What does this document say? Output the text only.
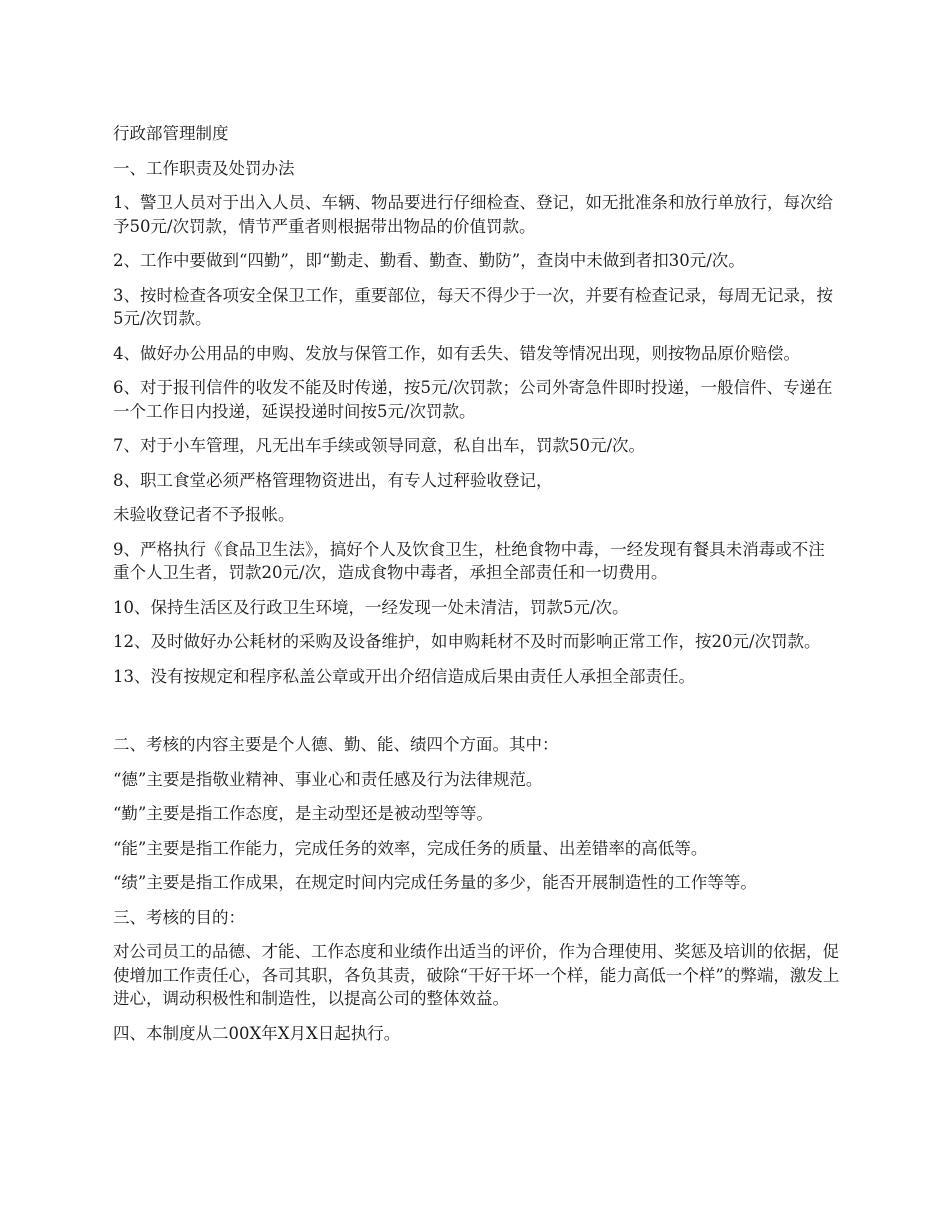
行政部管理制度

一、工作职责及处罚办法

1、警卫人员对于出入人员、车辆、物品要进行仔细检查、登记，如无批准条和放行单放行，每次给予50元/次罚款，情节严重者则根据带出物品的价值罚款。

2、工作中要做到“四勤”，即“勤走、勤看、勤查、勤防”，查岗中未做到者扣30元/次。

3、按时检查各项安全保卫工作，重要部位，每天不得少于一次，并要有检查记录，每周无记录，按5元/次罚款。

4、做好办公用品的申购、发放与保管工作，如有丢失、错发等情况出现，则按物品原价赔偿。

6、对于报刊信件的收发不能及时传递，按5元/次罚款；公司外寄急件即时投递，一般信件、专递在一个工作日内投递，延误投递时间按5元/次罚款。

7、对于小车管理，凡无出车手续或领导同意，私自出车，罚款50元/次。

8、职工食堂必须严格管理物资进出，有专人过秤验收登记，

未验收登记者不予报帐。

9、严格执行《食品卫生法》，搞好个人及饮食卫生，杜绝食物中毒，一经发现有餐具未消毒或不注重个人卫生者，罚款20元/次，造成食物中毒者，承担全部责任和一切费用。

10、保持生活区及行政卫生环境，一经发现一处未清洁，罚款5元/次。

12、及时做好办公耗材的采购及设备维护，如申购耗材不及时而影响正常工作，按20元/次罚款。

13、没有按规定和程序私盖公章或开出介绍信造成后果由责任人承担全部责任。

二、考核的内容主要是个人德、勤、能、绩四个方面。其中：

“德”主要是指敬业精神、事业心和责任感及行为法律规范。

“勤”主要是指工作态度，是主动型还是被动型等等。

“能”主要是指工作能力，完成任务的效率，完成任务的质量、出差错率的高低等。

“绩”主要是指工作成果，在规定时间内完成任务量的多少，能否开展制造性的工作等等。

三、考核的目的：

对公司员工的品德、才能、工作态度和业绩作出适当的评价，作为合理使用、奖惩及培训的依据，促使增加工作责任心，各司其职，各负其责，破除“干好干坏一个样，能力高低一个样”的弊端，激发上进心，调动积极性和制造性，以提高公司的整体效益。

四、本制度从二00X年X月X日起执行。
